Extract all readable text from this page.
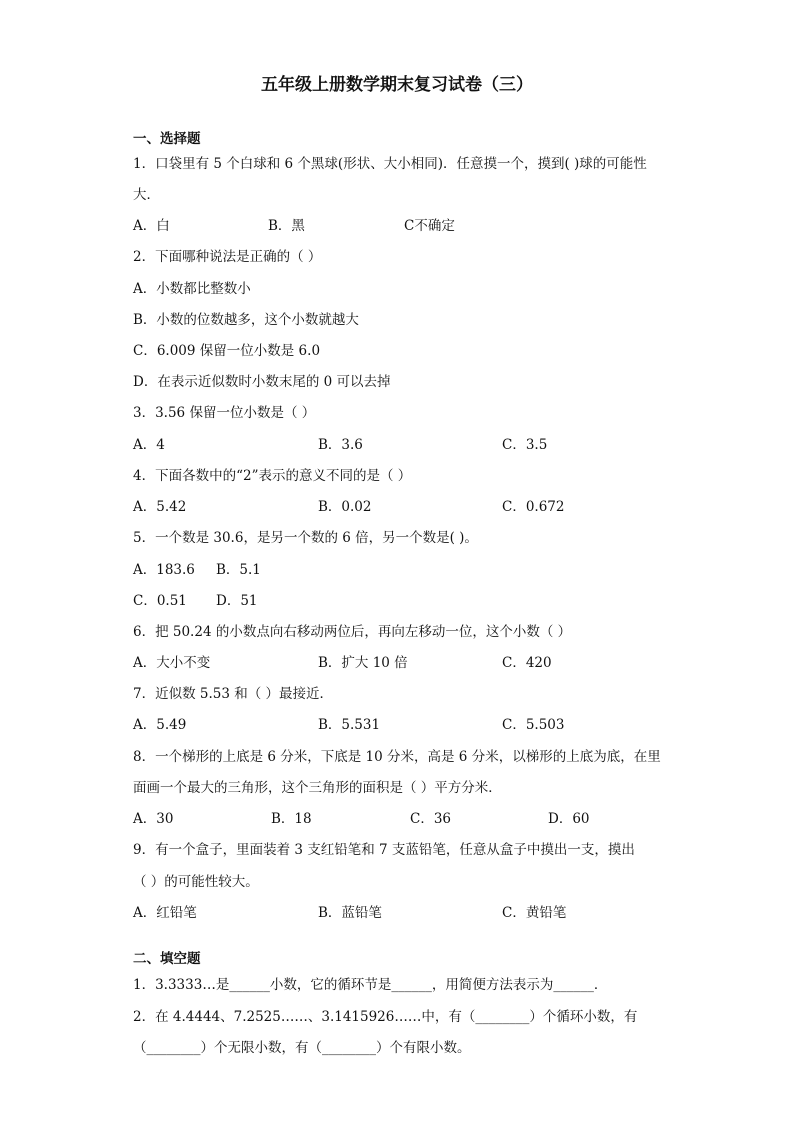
五年级上册数学期末复习试卷（三）
一、选择题
1．口袋里有 5 个白球和 6 个黑球(形状、大小相同)．任意摸一个，摸到( )球的可能性
大．
A．白	B．黑	C不确定
2．下面哪种说法是正确的（ ）
A．小数都比整数小
B．小数的位数越多，这个小数就越大
C．6.009 保留一位小数是 6.0
D．在表示近似数时小数末尾的 0 可以去掉
3．3.56 保留一位小数是（ ）
A．4	B．3.6	C．3.5
4．下面各数中的“2”表示的意义不同的是（ ）
A．5.42	B．0.02	C．0.672
5．一个数是 30.6，是另一个数的 6 倍，另一个数是( )。
A．183.6 B．5.1
C．0.51 D．51
6．把 50.24 的小数点向右移动两位后，再向左移动一位，这个小数（ ）
A．大小不变	B．扩大 10 倍	C．420
7．近似数 5.53 和（ ）最接近．
A．5.49	B．5.531	C．5.503
8．一个梯形的上底是 6 分米，下底是 10 分米，高是 6 分米，以梯形的上底为底，在里
面画一个最大的三角形，这个三角形的面积是（ ）平方分米．
A．30	B．18	C．36	D．60
9．有一个盒子，里面装着 3 支红铅笔和 7 支蓝铅笔，任意从盒子中摸出一支，摸出
（ ）的可能性较大。
A．红铅笔	B．蓝铅笔	C．黄铅笔
二、填空题
1．3.3333…是______小数，它的循环节是______，用简便方法表示为______．
2．在 4.4444、7.2525……、3.1415926……中，有（________）个循环小数，有
（________）个无限小数，有（________）个有限小数。
